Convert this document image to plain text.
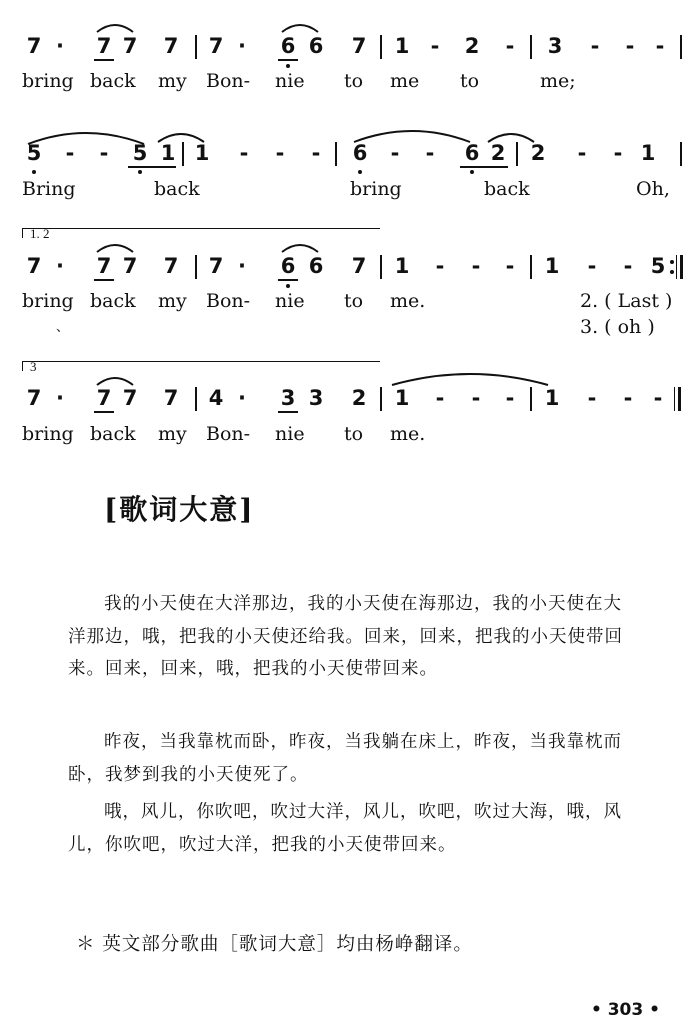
7 · 7 7 7 7 · 6 6 7 1 - 2 - 3 - - -
bring back my Bon- nie to me to	me;
5 - - 5 1 1 - - - 6 - - 6 2 2 - - 1
Bring	back	bring	back	Oh,
1. 2
7 · 7 7 7 7 · 6 6 7 1 - - - 1 - - 5
bring back my Bon- nie to me.	2. ( Last )
、	3. ( oh )
3
7 · 7 7 7 4 · 3 3 2 1 - - - 1 - - -
bring back my Bon- nie to me.
[歌词大意]
我的小天使在大洋那边，我的小天使在海那边，我的小天使在大洋那边，哦，把我的小天使还给我。回来，回来，把我的小天使带回来。回来，回来，哦，把我的小天使带回来。
昨夜，当我靠枕而卧，昨夜，当我躺在床上，昨夜，当我靠枕而卧，我梦到我的小天使死了。
哦，风儿，你吹吧，吹过大洋，风儿，吹吧，吹过大海，哦，风儿，你吹吧，吹过大洋，把我的小天使带回来。
＊ 英文部分歌曲［歌词大意］均由杨峥翻译。
• 303 •
